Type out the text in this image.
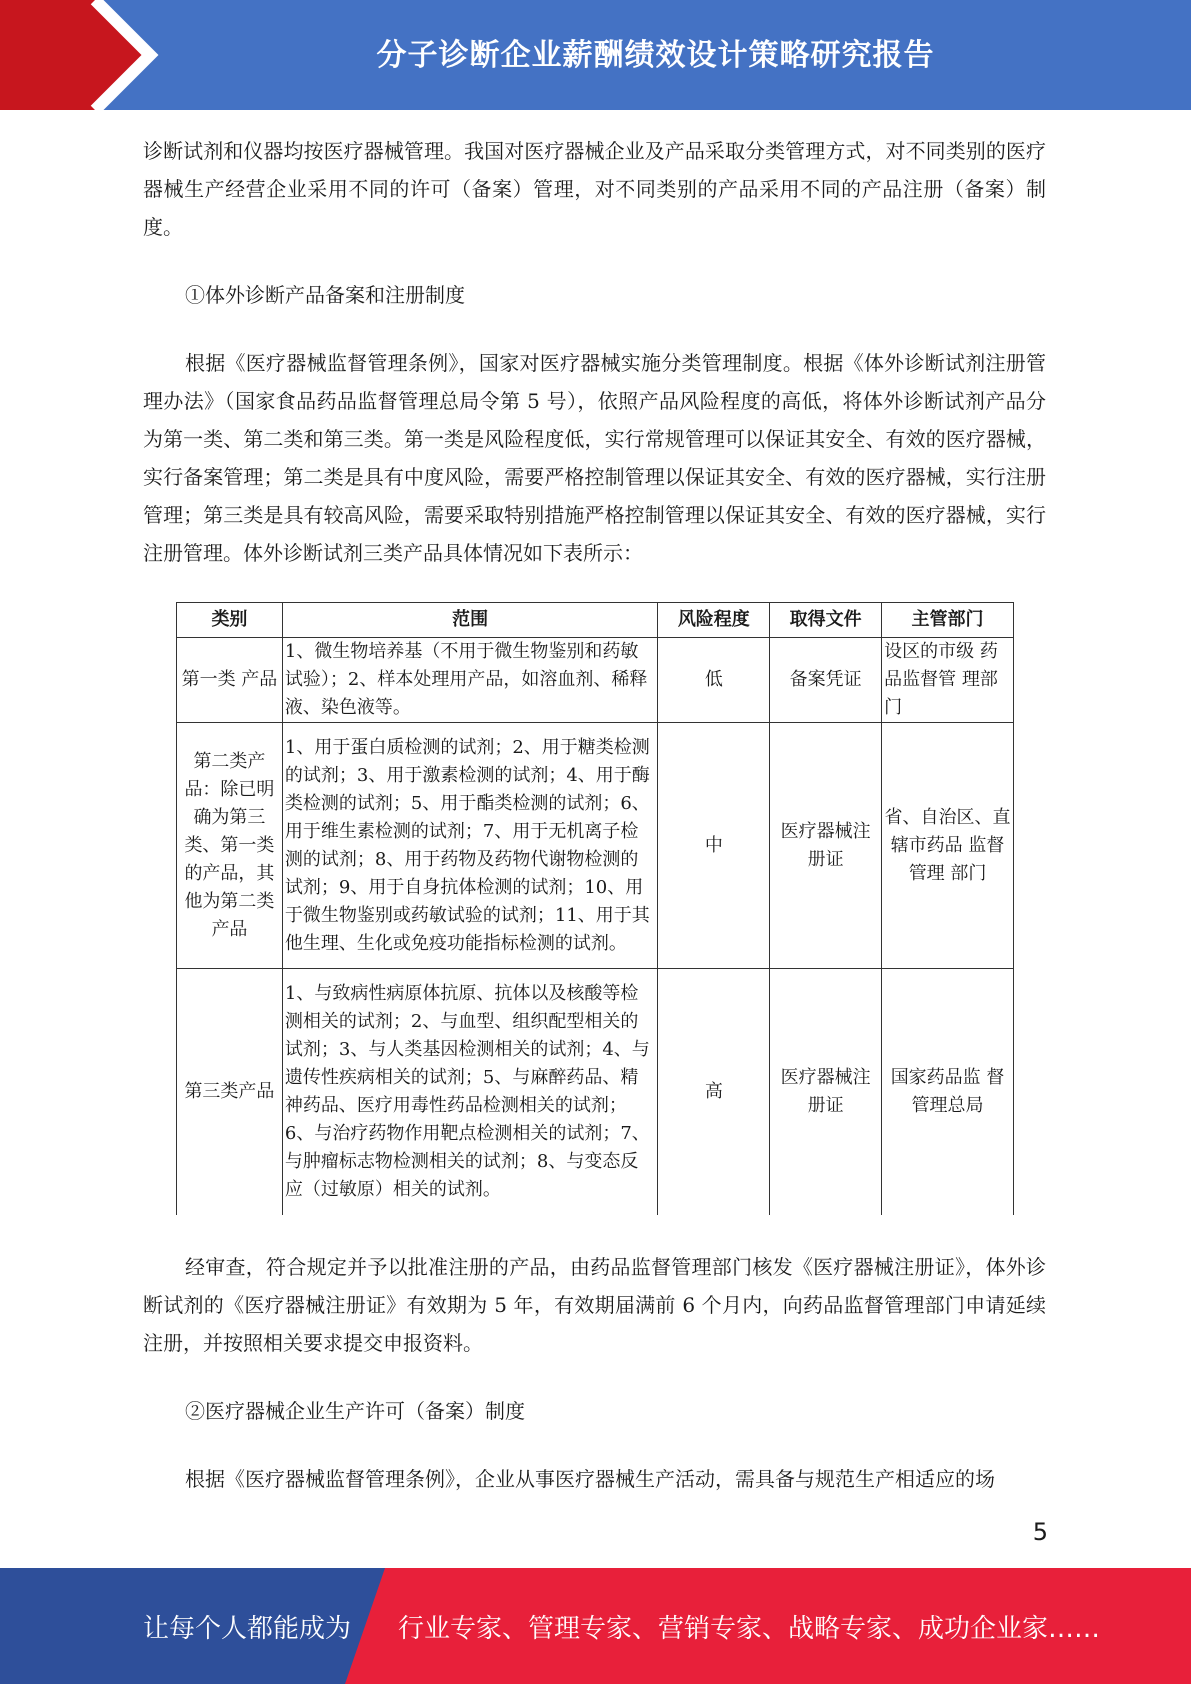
分子诊断企业薪酬绩效设计策略研究报告

诊断试剂和仪器均按医疗器械管理。我国对医疗器械企业及产品采取分类管理方式，对不同类别的医疗器械生产经营企业采用不同的许可（备案）管理，对不同类别的产品采用不同的产品注册（备案）制度。

①体外诊断产品备案和注册制度

根据《医疗器械监督管理条例》，国家对医疗器械实施分类管理制度。根据《体外诊断试剂注册管理办法》（国家食品药品监督管理总局令第 5 号），依照产品风险程度的高低，将体外诊断试剂产品分为第一类、第二类和第三类。第一类是风险程度低，实行常规管理可以保证其安全、有效的医疗器械，实行备案管理；第二类是具有中度风险，需要严格控制管理以保证其安全、有效的医疗器械，实行注册管理；第三类是具有较高风险，需要采取特别措施严格控制管理以保证其安全、有效的医疗器械，实行注册管理。体外诊断试剂三类产品具体情况如下表所示：

类别	范围	风险程度	取得文件	主管部门
第一类 产品	1、微生物培养基（不用于微生物鉴别和药敏试验）；2、样本处理用产品，如溶血剂、稀释液、染色液等。	低	备案凭证	设区的市级 药品监督管 理部门
第二类产品：除已明确为第三类、第一类的产品，其他为第二类产品	1、用于蛋白质检测的试剂；2、用于糖类检测的试剂；3、用于激素检测的试剂；4、用于酶类检测的试剂；5、用于酯类检测的试剂；6、用于维生素检测的试剂；7、用于无机离子检测的试剂；8、用于药物及药物代谢物检测的试剂；9、用于自身抗体检测的试剂；10、用于微生物鉴别或药敏试验的试剂；11、用于其他生理、生化或免疫功能指标检测的试剂。	中	医疗器械注册证	省、自治区、直辖市药品 监督管理 部门
第三类产品	1、与致病性病原体抗原、抗体以及核酸等检测相关的试剂；2、与血型、组织配型相关的试剂；3、与人类基因检测相关的试剂；4、与遗传性疾病相关的试剂；5、与麻醉药品、精神药品、医疗用毒性药品检测相关的试剂；6、与治疗药物作用靶点检测相关的试剂；7、与肿瘤标志物检测相关的试剂；8、与变态反应（过敏原）相关的试剂。	高	医疗器械注册证	国家药品监 督管理总局

经审查，符合规定并予以批准注册的产品，由药品监督管理部门核发《医疗器械注册证》，体外诊断试剂的《医疗器械注册证》有效期为 5 年，有效期届满前 6 个月内，向药品监督管理部门申请延续注册，并按照相关要求提交申报资料。

②医疗器械企业生产许可（备案）制度

根据《医疗器械监督管理条例》，企业从事医疗器械生产活动，需具备与规范生产相适应的场

5
让每个人都能成为 行业专家、管理专家、营销专家、战略专家、成功企业家……
